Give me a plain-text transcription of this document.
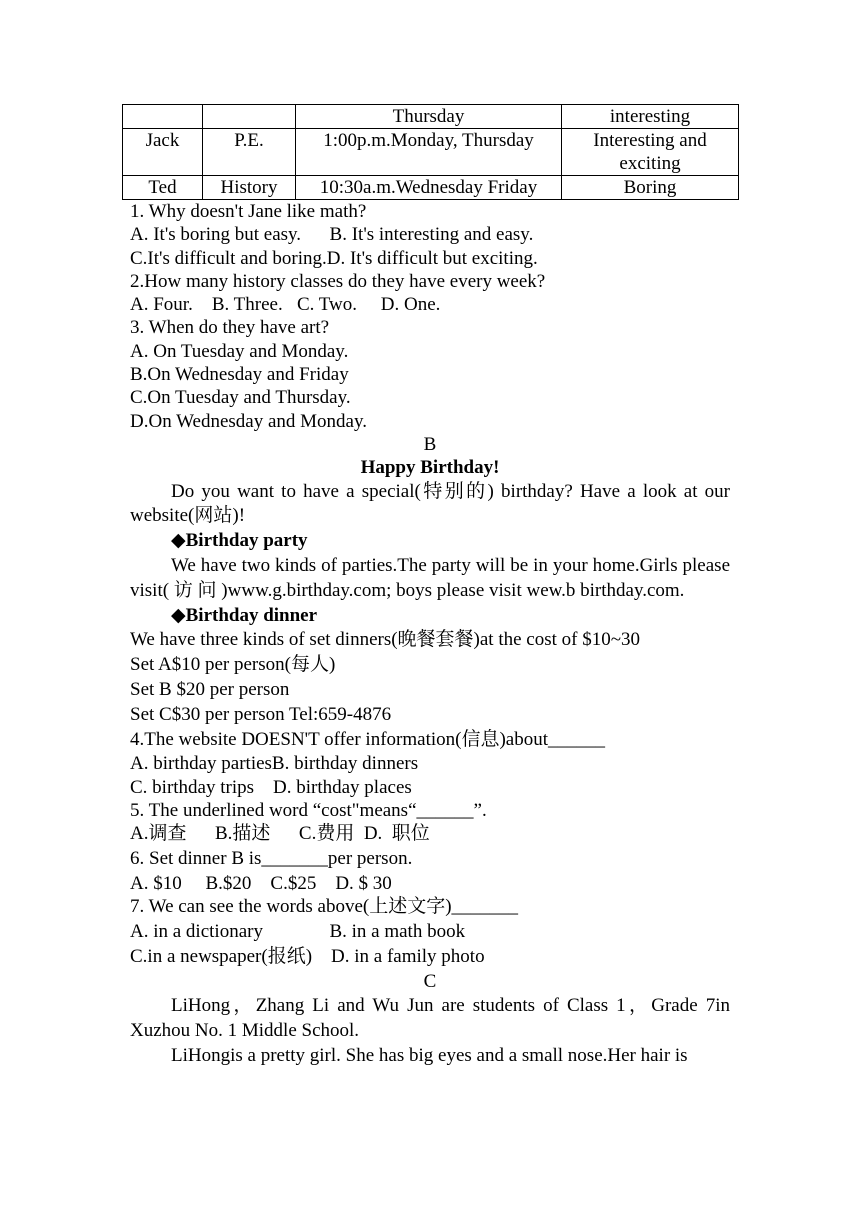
		Thursday	interesting
Jack	P.E.	1:00p.m.Monday, Thursday	Interesting and exciting
Ted	History	10:30a.m.Wednesday Friday	Boring
1. Why doesn't Jane like math?
A. It's boring but easy.      B. It's interesting and easy.
C.It's difficult and boring.D. It's difficult but exciting.
2.How many history classes do they have every week?
A. Four.    B. Three.   C. Two.     D. One.
3. When do they have art?
A. On Tuesday and Monday.
B.On Wednesday and Friday
C.On Tuesday and Thursday.
D.On Wednesday and Monday.
B
Happy Birthday!
Do you want to have a special(特别的) birthday? Have a look at our website(网站)!
◆Birthday party
We have two kinds of parties.The party will be in your home.Girls please visit( 访 问 )www.g.birthday.com; boys please visit wew.b birthday.com.
◆Birthday dinner
We have three kinds of set dinners(晚餐套餐)at the cost of $10~30
Set A$10 per person(每人)
Set B $20 per person
Set C$30 per person Tel:659-4876
4.The website DOESN'T offer information(信息)about______
A. birthday partiesB. birthday dinners
C. birthday trips    D. birthday places
5. The underlined word “cost"means“______”.
A.调查      B.描述      C.费用  D.  职位
6. Set dinner B is_______per person.
A. $10     B.$20    C.$25    D. $ 30
7. We can see the words above(上述文字)_______
A. in a dictionary              B. in a math book
C.in a newspaper(报纸)    D. in a family photo
C
LiHong，Zhang Li and Wu Jun are students of Class 1，Grade 7in Xuzhou No. 1 Middle School.
LiHongis a pretty girl. She has big eyes and a small nose.Her hair is
